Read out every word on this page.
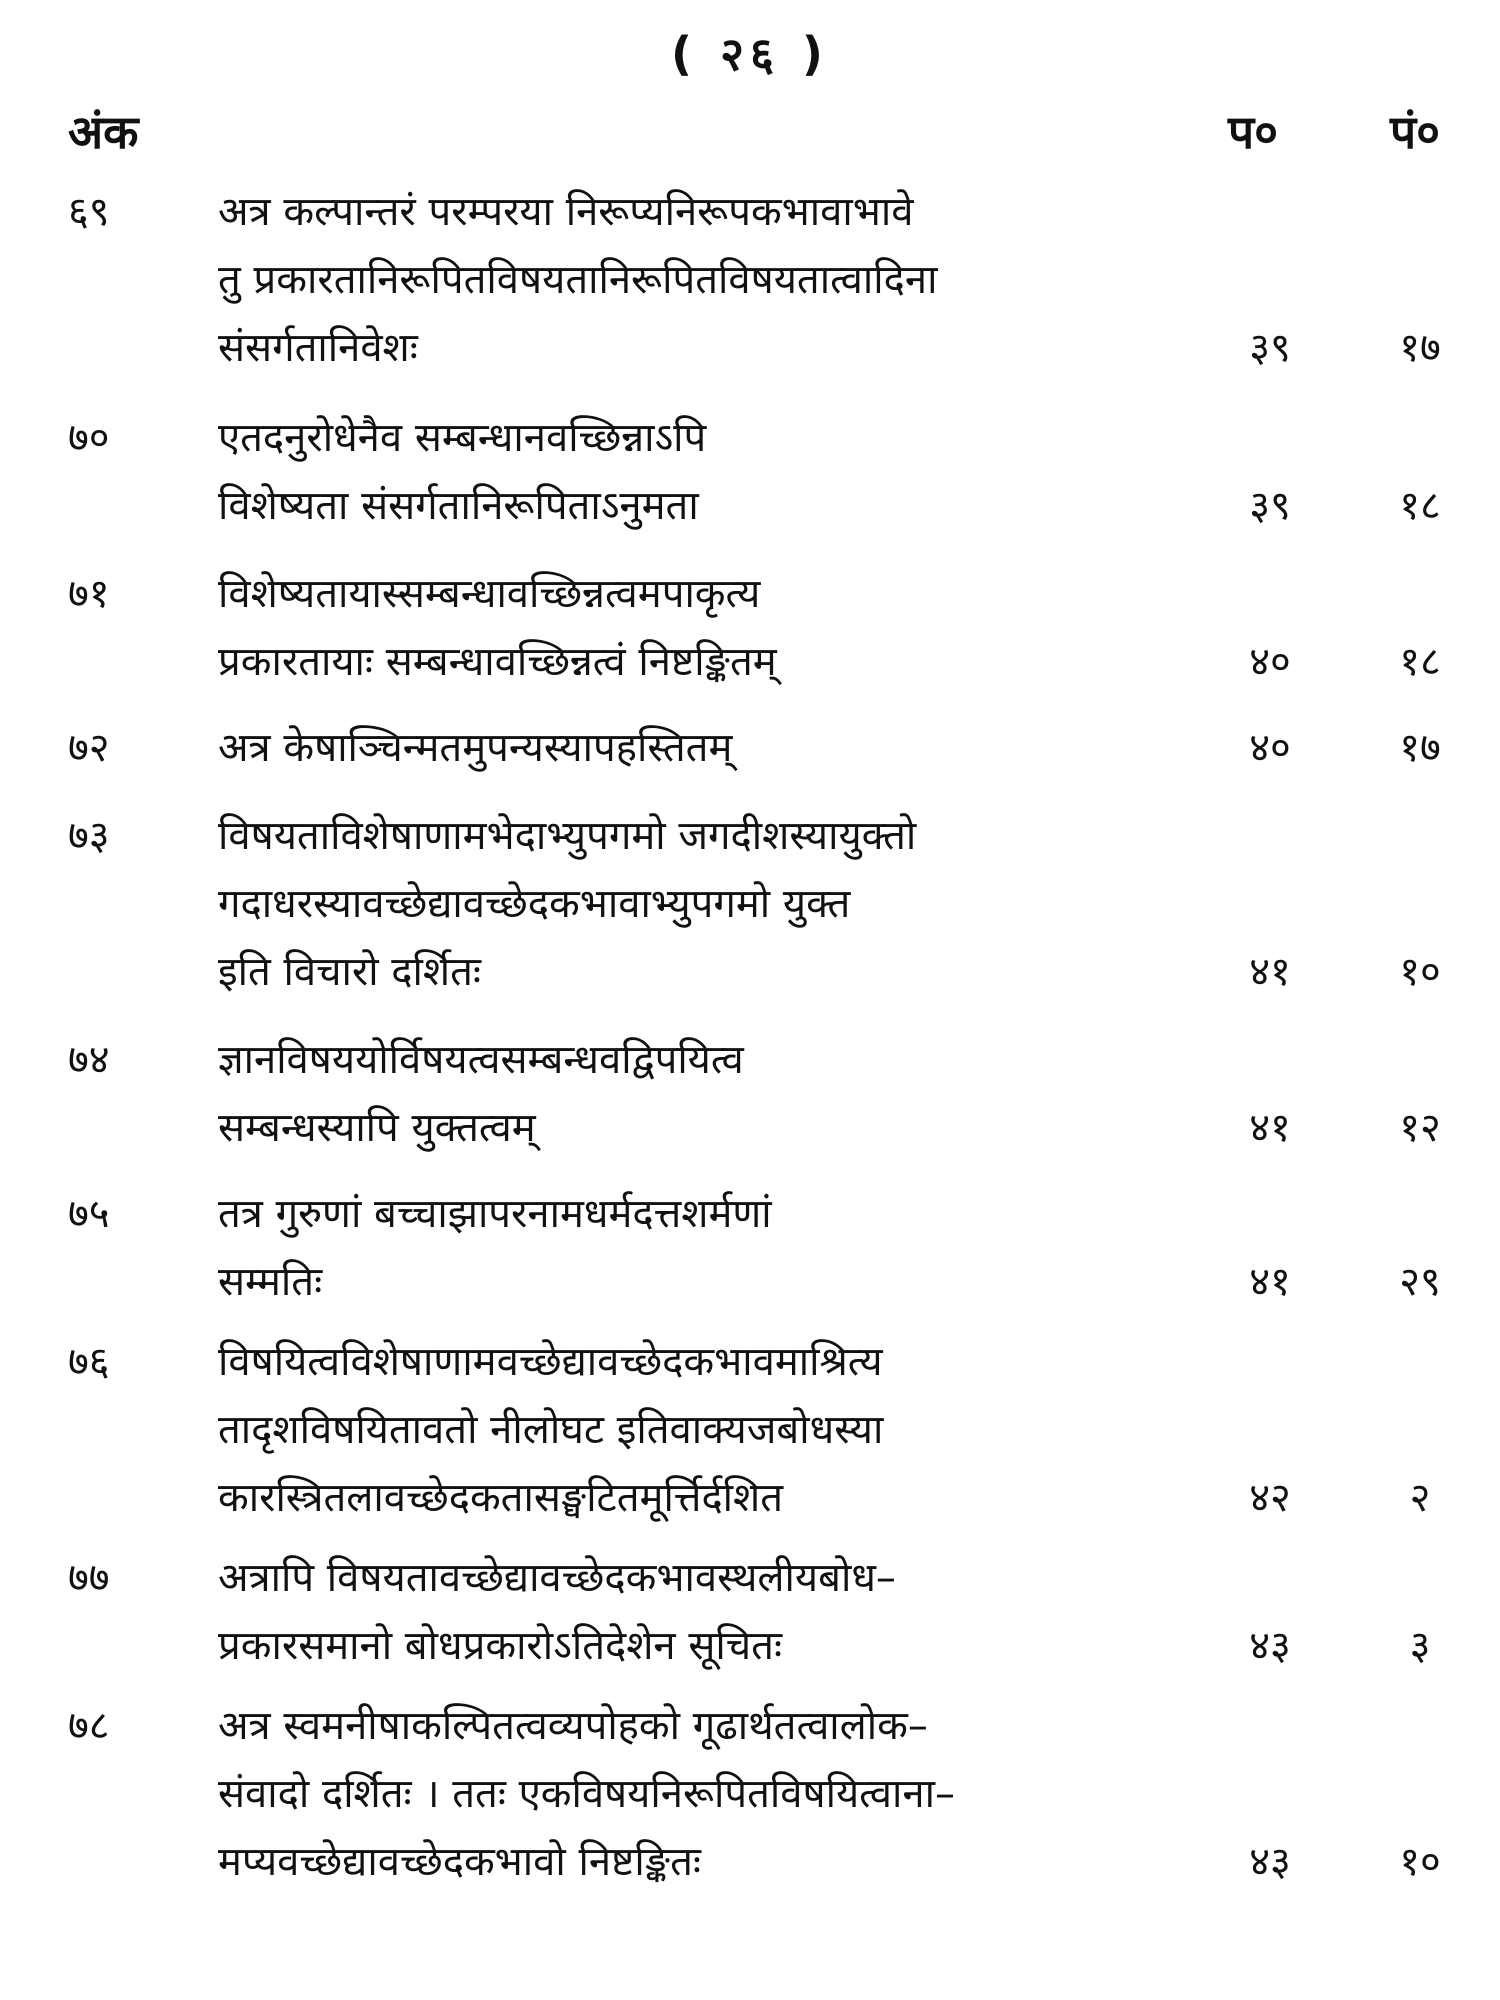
( २६ )
अंक	प० पं०
६९	अत्र कल्पान्तरं परम्परया निरूप्यनिरूपकभावाभावे
तु प्रकारतानिरूपितविषयतानिरूपितविषयतात्वादिना
संसर्गतानिवेशः	३९	१७
७०	एतदनुरोधेनैव सम्बन्धानवच्छिन्नाऽपि
विशेष्यता संसर्गतानिरूपिताऽनुमता	३९	१८
७१	विशेष्यतायास्सम्बन्धावच्छिन्नत्वमपाकृत्य
प्रकारतायाः सम्बन्धावच्छिन्नत्वं निष्टङ्कितम्	४०	१८
७२	अत्र केषाञ्चिन्मतमुपन्यस्यापहस्तितम्	४०	१७
७३	विषयताविशेषाणामभेदाभ्युपगमो जगदीशस्यायुक्तो
गदाधरस्यावच्छेद्यावच्छेदकभावाभ्युपगमो युक्त
इति विचारो दर्शितः	४१	१०
७४	ज्ञानविषययोर्विषयत्वसम्बन्धवद्विपयित्व
सम्बन्धस्यापि युक्तत्वम्	४१	१२
७५	तत्र गुरुणां बच्चाझापरनामधर्मदत्तशर्मणां
सम्मतिः	४१	२९
७६	विषयित्वविशेषाणामवच्छेद्यावच्छेदकभावमाश्रित्य
तादृशविषयितावतो नीलोघट इतिवाक्यजबोधस्या
कारस्त्रितलावच्छेदकतासङ्घटितमूर्त्तिर्दशित	४२	२
७७	अत्रापि विषयतावच्छेद्यावच्छेदकभावस्थलीयबोध–
प्रकारसमानो बोधप्रकारोऽतिदेशेन सूचितः	४३	३
७८	अत्र स्वमनीषाकल्पितत्वव्यपोहको गूढार्थतत्वालोक–
संवादो दर्शितः । ततः एकविषयनिरूपितविषयित्वाना–
मप्यवच्छेद्यावच्छेदकभावो निष्टङ्कितः	४३	१०
